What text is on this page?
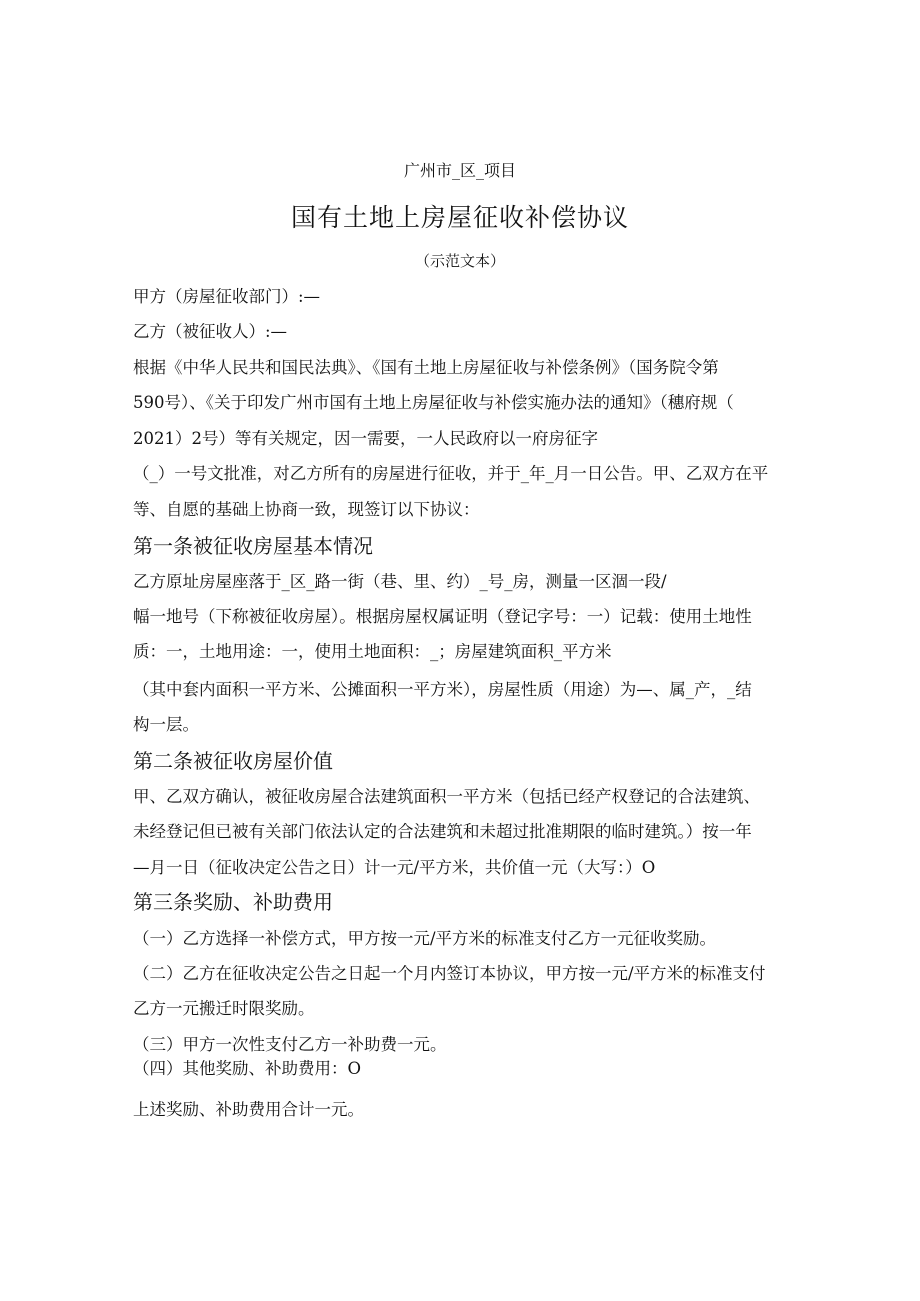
广州市_区_项目

国有土地上房屋征收补偿协议

（示范文本）

甲方（房屋征收部门）:—

乙方（被征收人）:—

根据《中华人民共和国民法典》、《国有土地上房屋征收与补偿条例》（国务院令第

590号）、《关于印发广州市国有土地上房屋征收与补偿实施办法的通知》（穗府规（

2021）2号）等有关规定，因一需要，一人民政府以一府房征字

（_）一号文批准，对乙方所有的房屋进行征收，并于_年_月一日公告。甲、乙双方在平

等、自愿的基础上协商一致，现签订以下协议：

第一条被征收房屋基本情况

乙方原址房屋座落于_区_路一街（巷、里、约）_号_房，测量一区涸一段/

幅一地号（下称被征收房屋）。根据房屋权属证明（登记字号：一）记载：使用土地性

质：一，土地用途：一，使用土地面积：_；房屋建筑面积_平方米

（其中套内面积一平方米、公摊面积一平方米），房屋性质（用途）为—、属_产，_结

构一层。

第二条被征收房屋价值

甲、乙双方确认，被征收房屋合法建筑面积一平方米（包括已经产权登记的合法建筑、

未经登记但已被有关部门依法认定的合法建筑和未超过批准期限的临时建筑。）按一年

—月一日（征收决定公告之日）计一元/平方米，共价值一元（大写：）O

第三条奖励、补助费用

（一）乙方选择一补偿方式，甲方按一元/平方米的标准支付乙方一元征收奖励。

（二）乙方在征收决定公告之日起一个月内签订本协议，甲方按一元/平方米的标准支付

乙方一元搬迁时限奖励。

（三）甲方一次性支付乙方一补助费一元。

（四）其他奖励、补助费用：O

上述奖励、补助费用合计一元。
